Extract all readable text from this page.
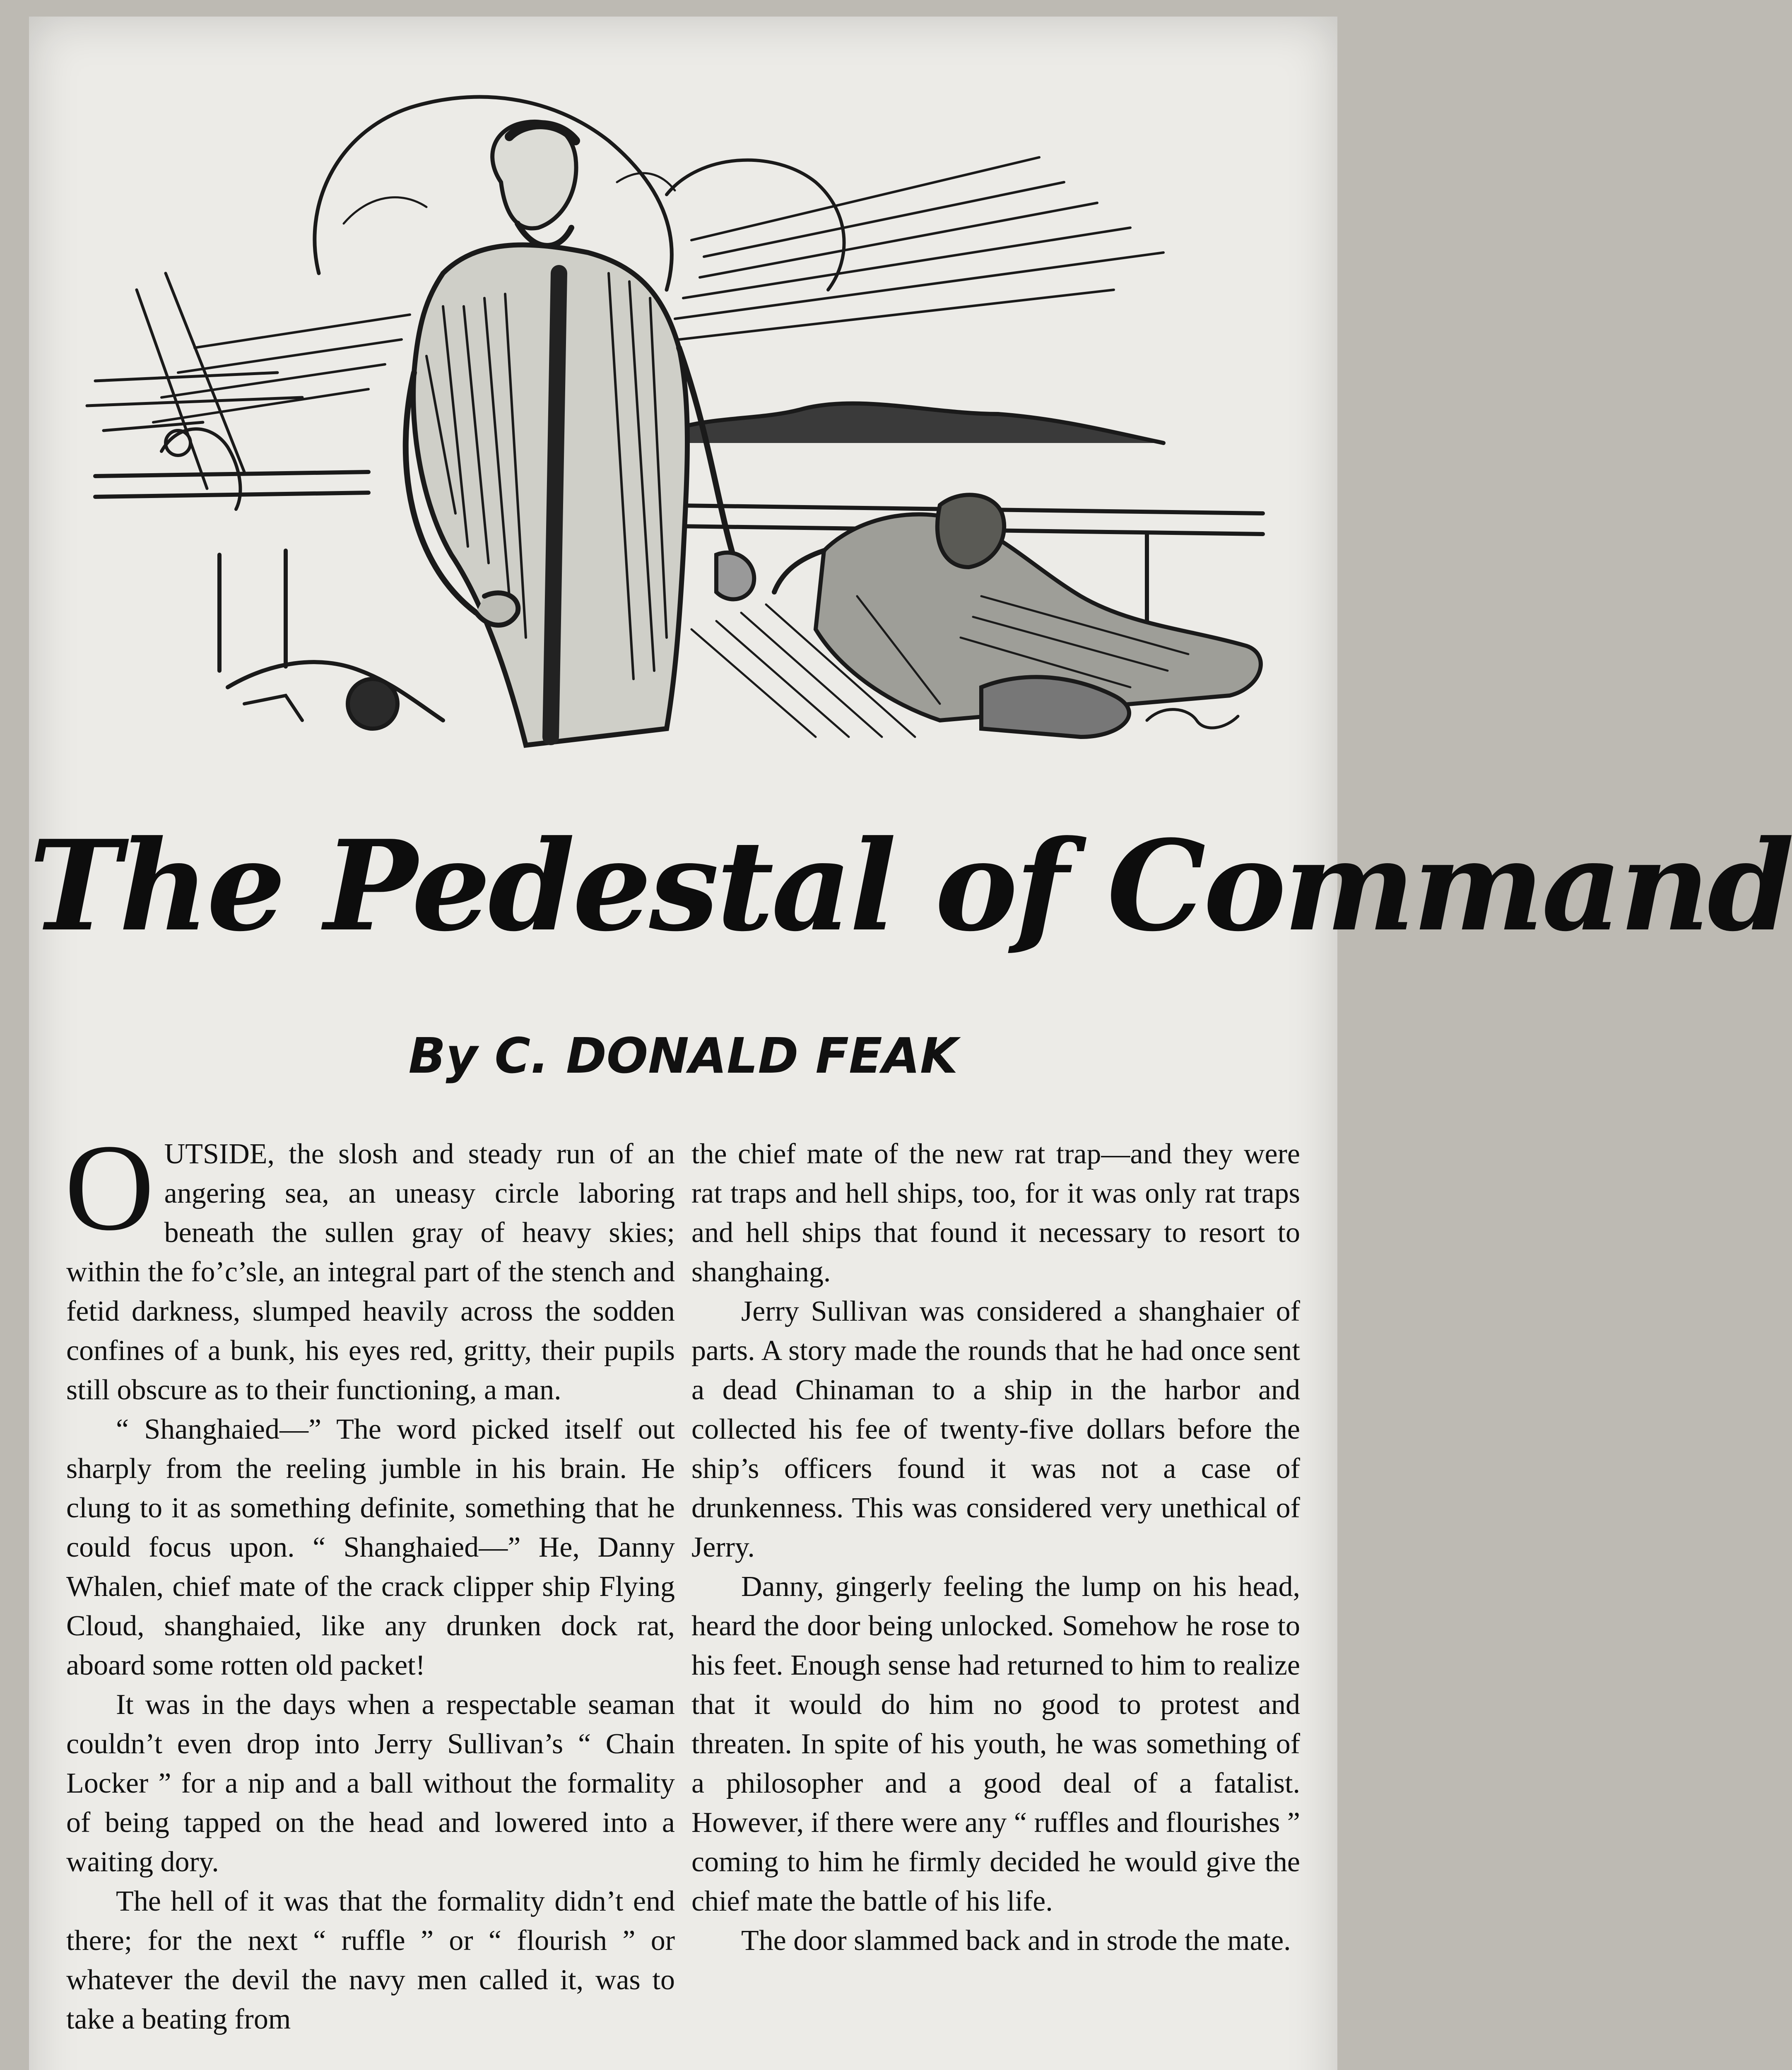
The Pedestal of Command
By C. DONALD FEAK

OUTSIDE, the slosh and steady run of an angering sea, an uneasy circle laboring beneath the sullen gray of heavy skies; within the fo’c’sle, an integral part of the stench and fetid darkness, slumped heavily across the sodden confines of a bunk, his eyes red, gritty, their pupils still obscure as to their functioning, a man.

“ Shanghaied—” The word picked itself out sharply from the reeling jumble in his brain. He clung to it as something definite, something that he could focus upon. “ Shanghaied—” He, Danny Whalen, chief mate of the crack clipper ship Flying Cloud, shanghaied, like any drunken dock rat, aboard some rotten old packet!

It was in the days when a respectable seaman couldn’t even drop into Jerry Sullivan’s “ Chain Locker ” for a nip and a ball without the formality of being tapped on the head and lowered into a waiting dory.

The hell of it was that the formality didn’t end there; for the next “ ruffle ” or “ flourish ” or whatever the devil the navy men called it, was to take a beating from

the chief mate of the new rat trap—and they were rat traps and hell ships, too, for it was only rat traps and hell ships that found it necessary to resort to shanghaing.

Jerry Sullivan was considered a shanghaier of parts. A story made the rounds that he had once sent a dead Chinaman to a ship in the harbor and collected his fee of twenty-five dollars before the ship’s officers found it was not a case of drunkenness. This was considered very unethical of Jerry.

Danny, gingerly feeling the lump on his head, heard the door being unlocked. Somehow he rose to his feet. Enough sense had returned to him to realize that it would do him no good to protest and threaten. In spite of his youth, he was something of a philosopher and a good deal of a fatalist. However, if there were any “ ruffles and flourishes ” coming to him he firmly decided he would give the chief mate the battle of his life.

The door slammed back and in strode the mate.
